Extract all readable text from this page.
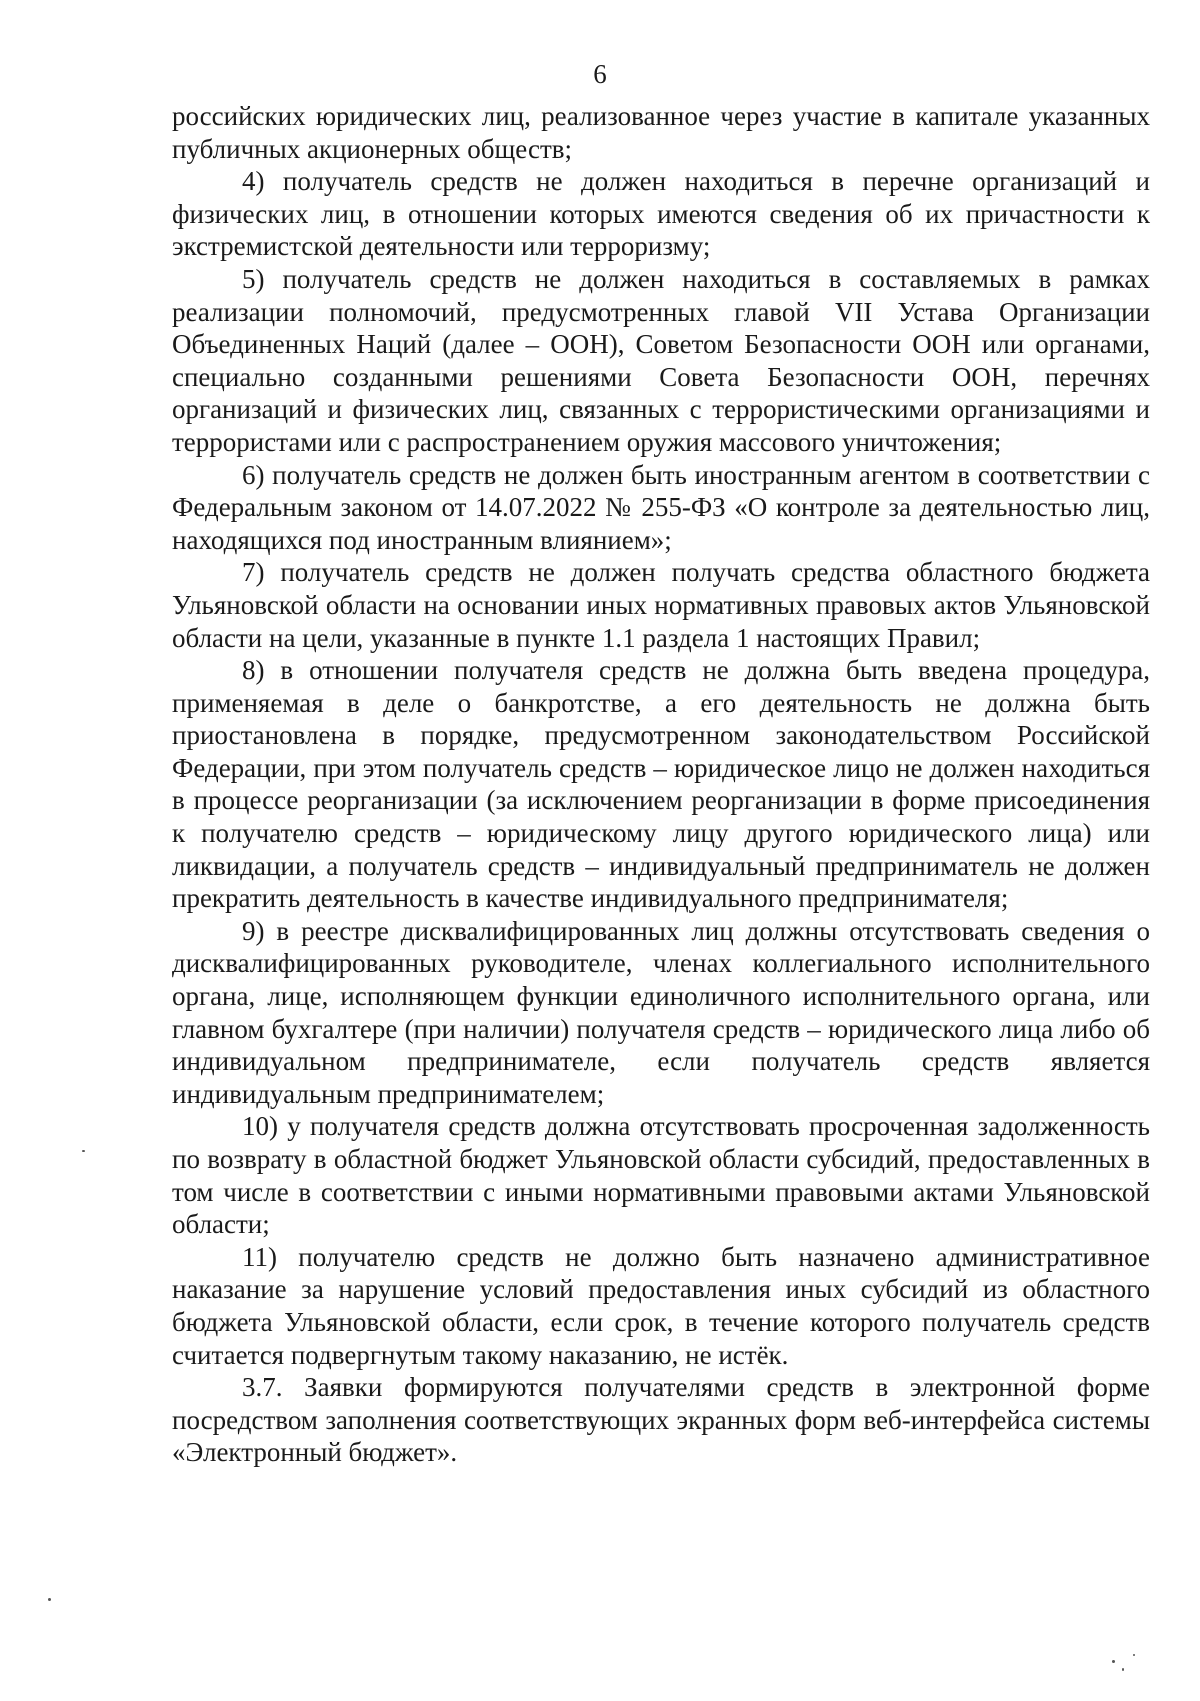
6

российских юридических лиц, реализованное через участие в капитале указанных публичных акционерных обществ;

4) получатель средств не должен находиться в перечне организаций и физических лиц, в отношении которых имеются сведения об их причастности к экстремистской деятельности или терроризму;

5) получатель средств не должен находиться в составляемых в рамках реализации полномочий, предусмотренных главой VII Устава Организации Объединенных Наций (далее – ООН), Советом Безопасности ООН или органами, специально созданными решениями Совета Безопасности ООН, перечнях организаций и физических лиц, связанных с террористическими организациями и террористами или с распространением оружия массового уничтожения;

6) получатель средств не должен быть иностранным агентом в соответствии с Федеральным законом от 14.07.2022 № 255-ФЗ «О контроле за деятельностью лиц, находящихся под иностранным влиянием»;

7) получатель средств не должен получать средства областного бюджета Ульяновской области на основании иных нормативных правовых актов Ульяновской области на цели, указанные в пункте 1.1 раздела 1 настоящих Правил;

8) в отношении получателя средств не должна быть введена процедура, применяемая в деле о банкротстве, а его деятельность не должна быть приостановлена в порядке, предусмотренном законодательством Российской Федерации, при этом получатель средств – юридическое лицо не должен находиться в процессе реорганизации (за исключением реорганизации в форме присоединения к получателю средств – юридическому лицу другого юридического лица) или ликвидации, а получатель средств – индивидуальный предприниматель не должен прекратить деятельность в качестве индивидуального предпринимателя;

9) в реестре дисквалифицированных лиц должны отсутствовать сведения о дисквалифицированных руководителе, членах коллегиального исполнительного органа, лице, исполняющем функции единоличного исполнительного органа, или главном бухгалтере (при наличии) получателя средств – юридического лица либо об индивидуальном предпринимателе, если получатель средств является индивидуальным предпринимателем;

10) у получателя средств должна отсутствовать просроченная задолженность по возврату в областной бюджет Ульяновской области субсидий, предоставленных в том числе в соответствии с иными нормативными правовыми актами Ульяновской области;

11) получателю средств не должно быть назначено административное наказание за нарушение условий предоставления иных субсидий из областного бюджета Ульяновской области, если срок, в течение которого получатель средств считается подвергнутым такому наказанию, не истёк.

3.7. Заявки формируются получателями средств в электронной форме посредством заполнения соответствующих экранных форм веб-интерфейса системы «Электронный бюджет».
